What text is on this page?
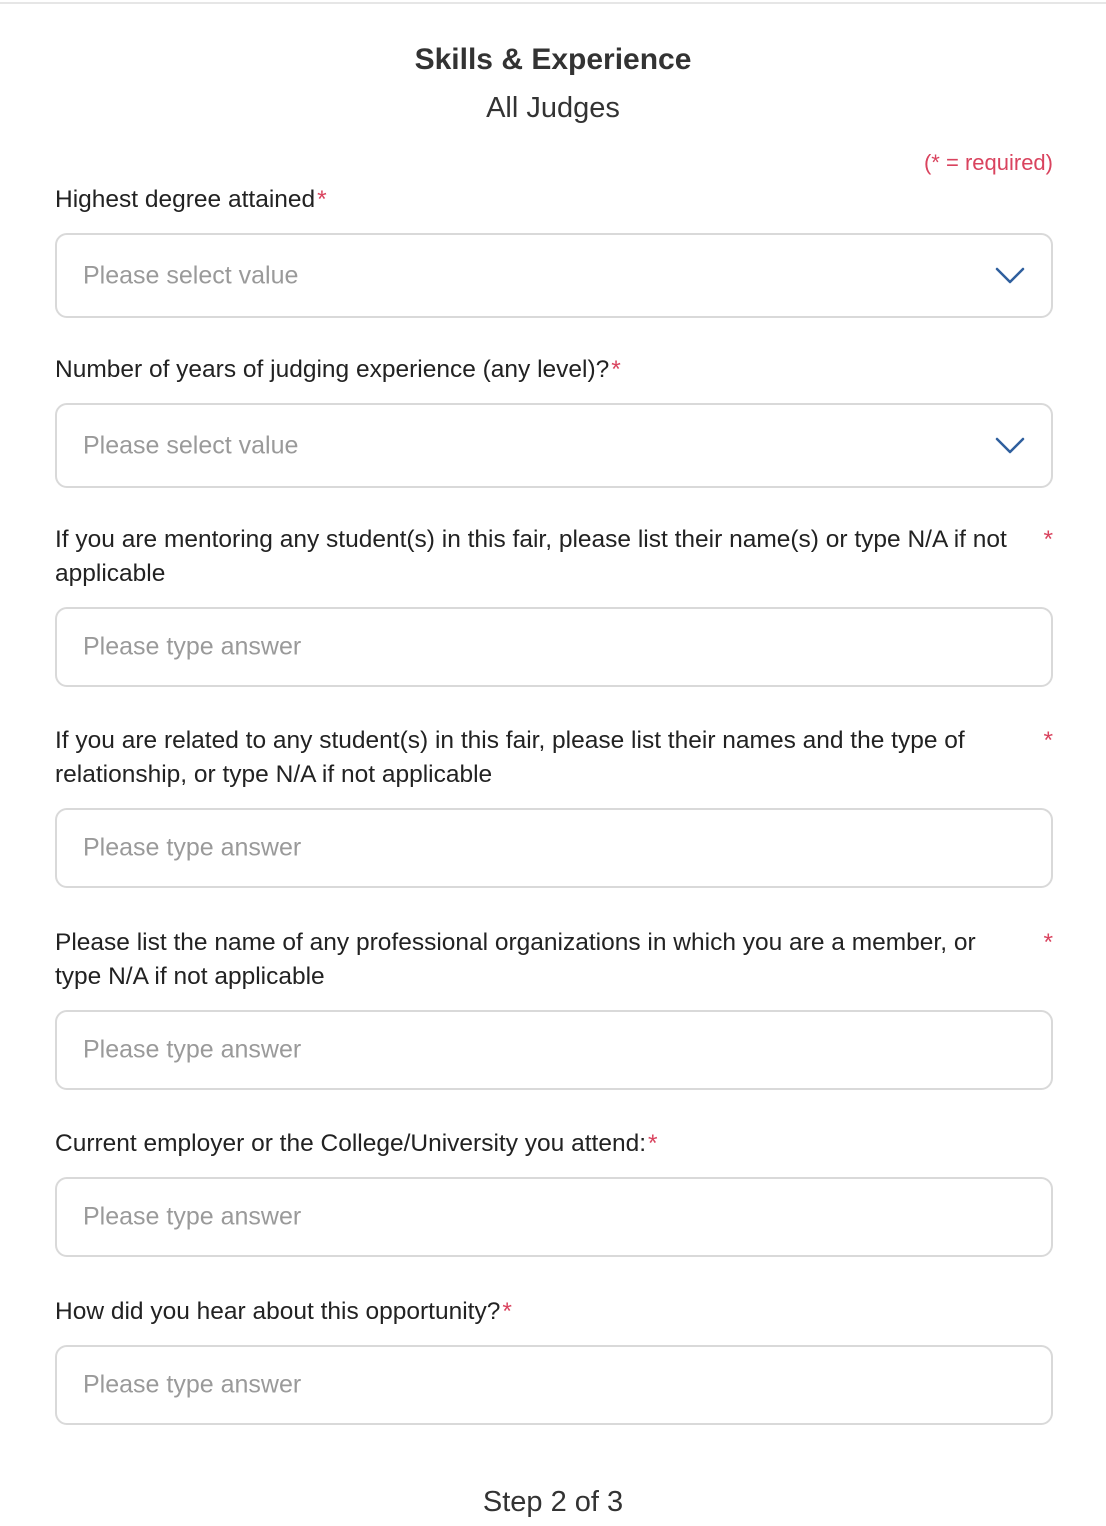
Skills & Experience
All Judges
(* = required)
Highest degree attained*
Please select value
Number of years of judging experience (any level)?*
Please select value
If you are mentoring any student(s) in this fair, please list their name(s) or type N/A if not applicable
*
Please type answer
If you are related to any student(s) in this fair, please list their names and the type of relationship, or type N/A if not applicable
*
Please type answer
Please list the name of any professional organizations in which you are a member, or type N/A if not applicable
*
Please type answer
Current employer or the College/University you attend:*
Please type answer
How did you hear about this opportunity?*
Please type answer
Step 2 of 3
